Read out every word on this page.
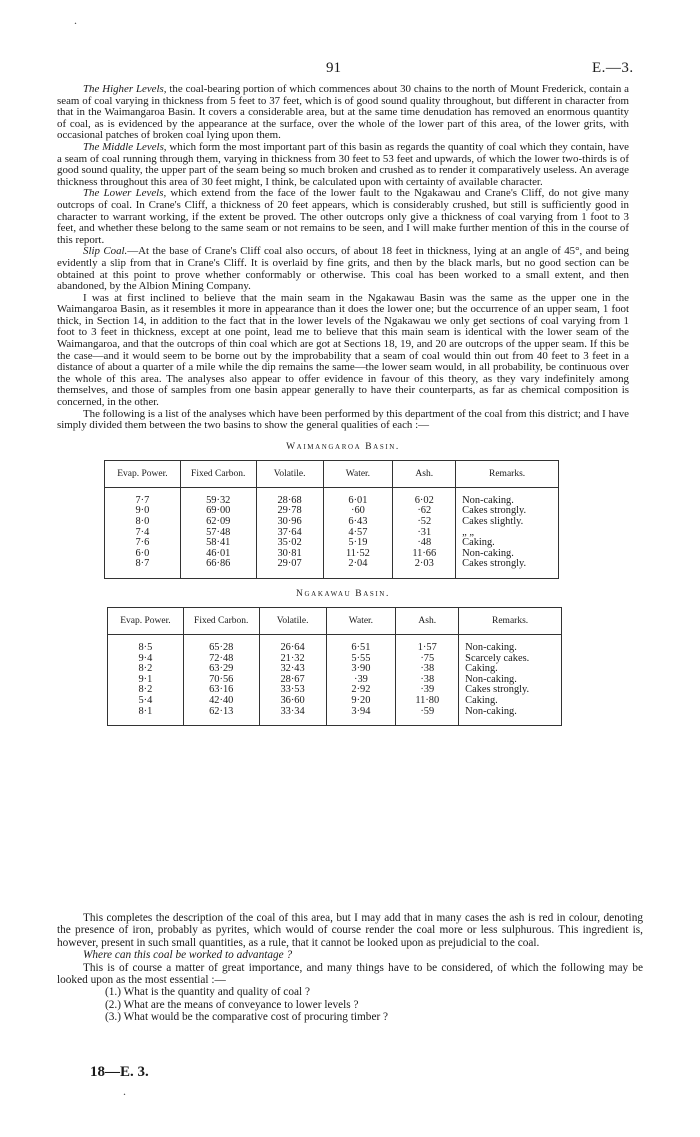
.
91	E.—3.

The Higher Levels, the coal-bearing portion of which commences about 30 chains to the north of Mount Frederick, contain a seam of coal varying in thickness from 5 feet to 37 feet, which is of good sound quality throughout, but different in character from that in the Waimangaroa Basin. It covers a considerable area, but at the same time denudation has removed an enormous quantity of coal, as is evidenced by the appearance at the surface, over the whole of the lower part of this area, of the lower grits, with occasional patches of broken coal lying upon them.

The Middle Levels, which form the most important part of this basin as regards the quantity of coal which they contain, have a seam of coal running through them, varying in thickness from 30 feet to 53 feet and upwards, of which the lower two-thirds is of good sound quality, the upper part of the seam being so much broken and crushed as to render it comparatively useless. An average thickness throughout this area of 30 feet might, I think, be calculated upon with certainty of available character.

The Lower Levels, which extend from the face of the lower fault to the Ngakawau and Crane's Cliff, do not give many outcrops of coal. In Crane's Cliff, a thickness of 20 feet appears, which is considerably crushed, but still is sufficiently good in character to warrant working, if the extent be proved. The other outcrops only give a thickness of coal varying from 1 foot to 3 feet, and whether these belong to the same seam or not remains to be seen, and I will make further mention of this in the course of this report.

Slip Coal.—At the base of Crane's Cliff coal also occurs, of about 18 feet in thickness, lying at an angle of 45°, and being evidently a slip from that in Crane's Cliff. It is overlaid by fine grits, and then by the black marls, but no good section can be obtained at this point to prove whether conformably or otherwise. This coal has been worked to a small extent, and then abandoned, by the Albion Mining Company.

I was at first inclined to believe that the main seam in the Ngakawau Basin was the same as the upper one in the Waimangaroa Basin, as it resembles it more in appearance than it does the lower one; but the occurrence of an upper seam, 1 foot thick, in Section 14, in addition to the fact that in the lower levels of the Ngakawau we only get sections of coal varying from 1 foot to 3 feet in thickness, except at one point, lead me to believe that this main seam is identical with the lower seam of the Waimangaroa, and that the outcrops of thin coal which are got at Sections 18, 19, and 20 are outcrops of the upper seam. If this be the case—and it would seem to be borne out by the improbability that a seam of coal would thin out from 40 feet to 3 feet in a distance of about a quarter of a mile while the dip remains the same—the lower seam would, in all probability, be continuous over the whole of this area. The analyses also appear to offer evidence in favour of this theory, as they vary indefinitely among themselves, and those of samples from one basin appear generally to have their counterparts, as far as chemical composition is concerned, in the other.

The following is a list of the analyses which have been performed by this department of the coal from this district; and I have simply divided them between the two basins to show the general qualities of each :—

Waimangaroa Basin.
Evap. Power.	Fixed Carbon.	Volatile.	Water.	Ash.	Remarks.
7·7	59·32	28·68	6·01	6·02	Non-caking.
9·0	69·00	29·78	·60	·62	Cakes strongly.
8·0	62·09	30·96	6·43	·52	Cakes slightly.
7·4	57·48	37·64	4·57	·31	„ „
7·6	58·41	35·02	5·19	·48	Caking.
6·0	46·01	30·81	11·52	11·66	Non-caking.
8·7	66·86	29·07	2·04	2·03	Cakes strongly.
Ngakawau Basin.
Evap. Power.	Fixed Carbon.	Volatile.	Water.	Ash.	Remarks.
8·5	65·28	26·64	6·51	1·57	Non-caking.
9·4	72·48	21·32	5·55	·75	Scarcely cakes.
8·2	63·29	32·43	3·90	·38	Caking.
9·1	70·56	28·67	·39	·38	Non-caking.
8·2	63·16	33·53	2·92	·39	Cakes strongly.
5·4	42·40	36·60	9·20	11·80	Caking.
8·1	62·13	33·34	3·94	·59	Non-caking.

This completes the description of the coal of this area, but I may add that in many cases the ash is red in colour, denoting the presence of iron, probably as pyrites, which would of course render the coal more or less sulphurous. This ingredient is, however, present in such small quantities, as a rule, that it cannot be looked upon as prejudicial to the coal.

Where can this coal be worked to advantage ?

This is of course a matter of great importance, and many things have to be considered, of which the following may be looked upon as the most essential :—

(1.) What is the quantity and quality of coal ?
(2.) What are the means of conveyance to lower levels ?
(3.) What would be the comparative cost of procuring timber ?
18—E. 3.
.
